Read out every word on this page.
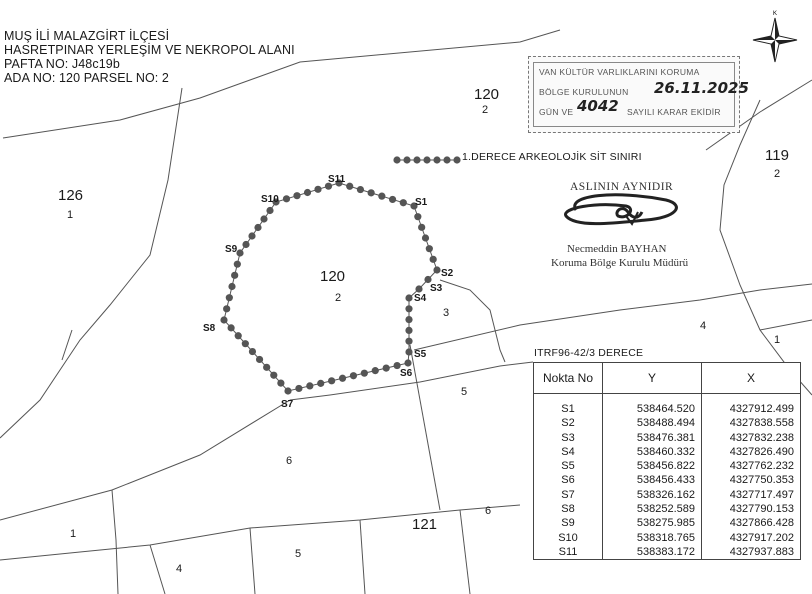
MUŞ İLİ MALAZGİRT İLÇESİ
HASRETPINAR YERLEŞİM VE NEKROPOL ALANI
PAFTA NO: J48c19b
ADA NO: 120 PARSEL NO: 2	VAN KÜLTÜR VARLIKLARINI KORUMA
BÖLGE KURULUNUN 26.11.2025
GÜN VE 4042 SAYILI KARAR EKİDİR
K
ASLININ AYNIDIR
Necmeddin BAYHAN
Koruma Bölge Kurulu Müdürü
1.DERECE ARKEOLOJİK SİT SINIRI
120
2
126
1
120
2
119
2
121
3
4
1
5
6
1
5
4
6
S1
S2
S3
S4
S5
S6
S7
S8
S9
S10
S11
ITRF96-42/3 DERECE
Nokta No	Y	X

S1	538464.520	4327912.499
S2	538488.494	4327838.558
S3	538476.381	4327832.238
S4	538460.332	4327826.490
S5	538456.822	4327762.232
S6	538456.433	4327750.353
S7	538326.162	4327717.497
S8	538252.589	4327790.153
S9	538275.985	4327866.428
S10	538318.765	4327917.202
S11	538383.172	4327937.883
